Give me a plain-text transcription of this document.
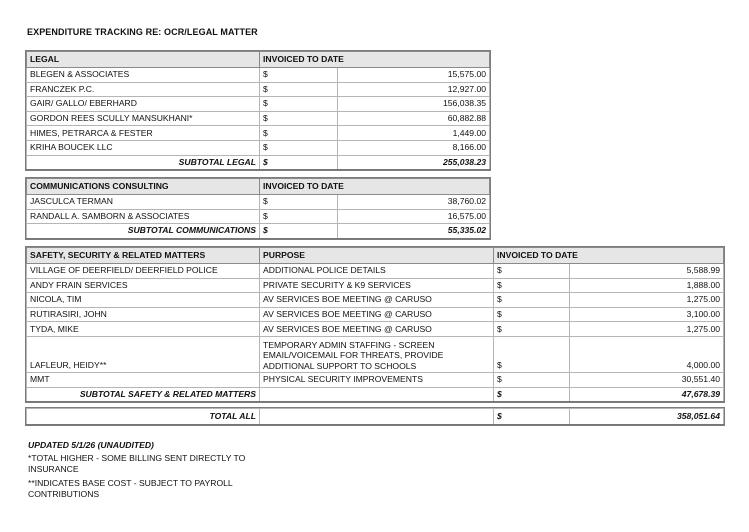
EXPENDITURE TRACKING RE: OCR/LEGAL MATTER
LEGAL	INVOICED TO DATE	
BLEGEN & ASSOCIATES	$	15,575.00
FRANCZEK P.C.	$	12,927.00
GAIR/ GALLO/ EBERHARD	$	156,038.35
GORDON REES SCULLY MANSUKHANI*	$	60,882.88
HIMES, PETRARCA & FESTER	$	1,449.00
KRIHA BOUCEK LLC	$	8,166.00
SUBTOTAL LEGAL	$	255,038.23
COMMUNICATIONS CONSULTING	INVOICED TO DATE	
JASCULCA TERMAN	$	38,760.02
RANDALL A. SAMBORN & ASSOCIATES	$	16,575.00
SUBTOTAL COMMUNICATIONS	$	55,335.02
SAFETY, SECURITY & RELATED MATTERS	PURPOSE	INVOICED TO DATE	
VILLAGE OF DEERFIELD/ DEERFIELD POLICE	ADDITIONAL POLICE DETAILS	$	5,588.99
ANDY FRAIN SERVICES	PRIVATE SECURITY & K9 SERVICES	$	1,888.00
NICOLA, TIM	AV SERVICES BOE MEETING @ CARUSO	$	1,275.00
RUTIRASIRI, JOHN	AV SERVICES BOE MEETING @ CARUSO	$	3,100.00
TYDA, MIKE	AV SERVICES BOE MEETING @ CARUSO	$	1,275.00
LAFLEUR, HEIDY**	TEMPORARY ADMIN STAFFING - SCREEN EMAIL/VOICEMAIL FOR THREATS, PROVIDE ADDITIONAL SUPPORT TO SCHOOLS	$	4,000.00
MMT	PHYSICAL SECURITY IMPROVEMENTS	$	30,551.40
SUBTOTAL SAFETY & RELATED MATTERS		$	47,678.39
TOTAL ALL		$	358,051.64
UPDATED 5/1/26 (UNAUDITED)
*TOTAL HIGHER - SOME BILLING SENT DIRECTLY TO INSURANCE
**INDICATES BASE COST - SUBJECT TO PAYROLL CONTRIBUTIONS
